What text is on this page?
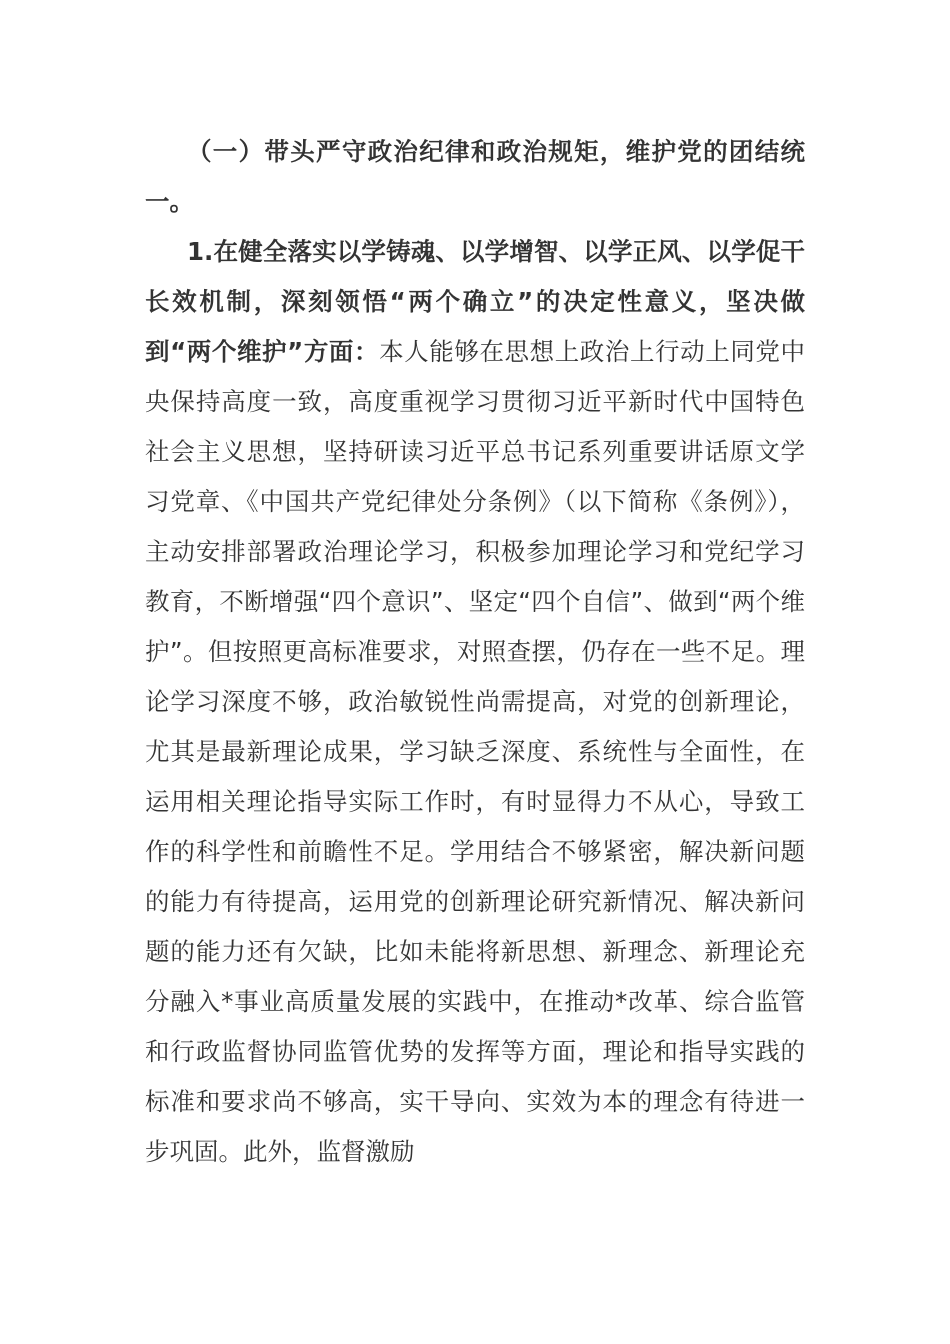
（一）带头严守政治纪律和政治规矩，维护党的团结统一。

1.在健全落实以学铸魂、以学增智、以学正风、以学促干长效机制，深刻领悟“两个确立”的决定性意义，坚决做到“两个维护”方面：本人能够在思想上政治上行动上同党中央保持高度一致，高度重视学习贯彻习近平新时代中国特色社会主义思想，坚持研读习近平总书记系列重要讲话原文学习党章、《中国共产党纪律处分条例》（以下简称《条例》），主动安排部署政治理论学习，积极参加理论学习和党纪学习教育，不断增强“四个意识”、坚定“四个自信”、做到“两个维护”。但按照更高标准要求，对照查摆，仍存在一些不足。理论学习深度不够，政治敏锐性尚需提高，对党的创新理论，尤其是最新理论成果，学习缺乏深度、系统性与全面性，在运用相关理论指导实际工作时，有时显得力不从心，导致工作的科学性和前瞻性不足。学用结合不够紧密，解决新问题的能力有待提高，运用党的创新理论研究新情况、解决新问题的能力还有欠缺，比如未能将新思想、新理念、新理论充分融入*事业高质量发展的实践中，在推动*改革、综合监管和行政监督协同监管优势的发挥等方面，理论和指导实践的标准和要求尚不够高，实干导向、实效为本的理念有待进一步巩固。此外，监督激励
